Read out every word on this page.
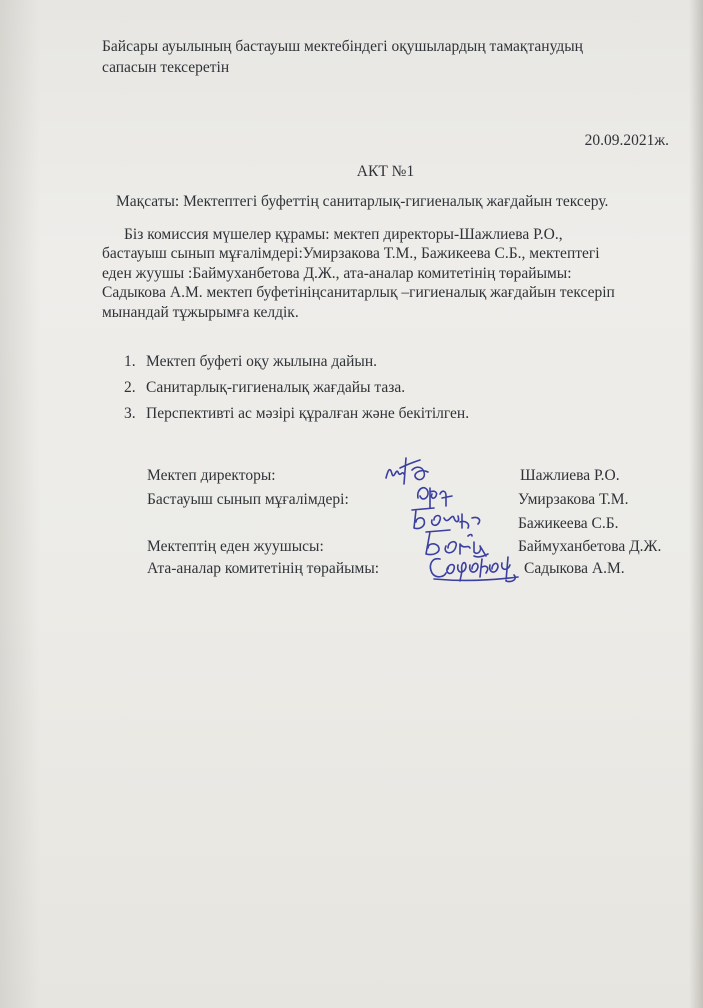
Байсары ауылының бастауыш мектебіндегі оқушылардың тамақтанудың
сапасын тексеретін
20.09.2021ж.
АКТ №1
Мақсаты: Мектептегі буфеттің санитарлық-гигиеналық жағдайын тексеру.
Біз комиссия мүшелер құрамы: мектеп директоры-Шажлиева Р.О.,
бастауыш сынып мұғалімдері:Умирзакова Т.М., Бажикеева С.Б., мектептегі
еден жуушы :Баймуханбетова Д.Ж., ата-аналар комитетінің төрайымы:
Садыкова А.М. мектеп буфетініңсанитарлық –гигиеналық жағдайын тексеріп
мынандай тұжырымға келдік.
1. Мектеп буфеті оқу жылына дайын.
2. Санитарлық-гигиеналық жағдайы таза.
3. Перспективті ас мәзірі құралған және бекітілген.
Мектеп директоры:	Шажлиева Р.О.
Бастауыш сынып мұғалімдері:	Умирзакова Т.М.
Бажикеева С.Б.
Мектептің еден жуушысы:	Баймуханбетова Д.Ж.
Ата-аналар комитетінің төрайымы:	Садыкова А.М.
